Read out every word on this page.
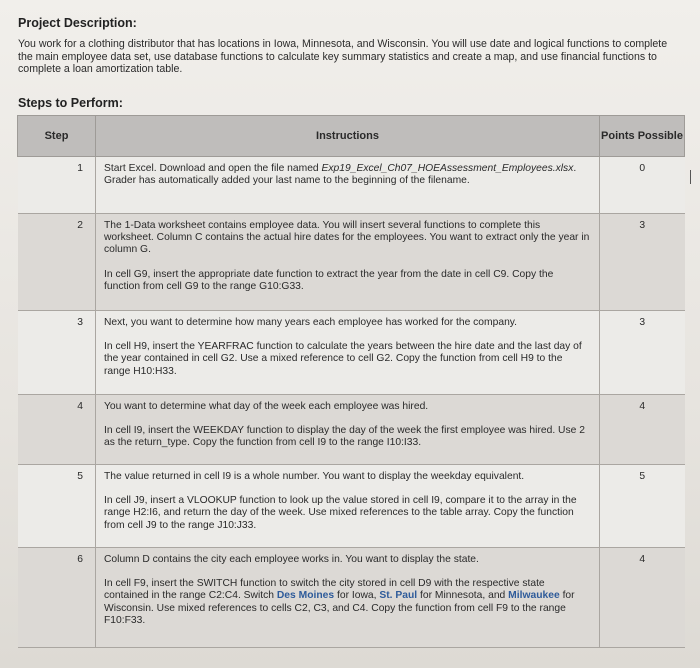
Project Description:
You work for a clothing distributor that has locations in Iowa, Minnesota, and Wisconsin. You will use date and logical functions to complete the main employee data set, use database functions to calculate key summary statistics and create a map, and use financial functions to complete a loan amortization table.
Steps to Perform:
Step	Instructions	Points Possible
1	Start Excel. Download and open the file named Exp19_Excel_Ch07_HOEAssessment_Employees.xlsx. Grader has automatically added your last name to the beginning of the filename.	0
2	The 1-Data worksheet contains employee data. You will insert several functions to complete this worksheet. Column C contains the actual hire dates for the employees. You want to extract only the year in column G.

In cell G9, insert the appropriate date function to extract the year from the date in cell C9. Copy the function from cell G9 to the range G10:G33.	3
3	Next, you want to determine how many years each employee has worked for the company.

In cell H9, insert the YEARFRAC function to calculate the years between the hire date and the last day of the year contained in cell G2. Use a mixed reference to cell G2. Copy the function from cell H9 to the range H10:H33.	3
4	You want to determine what day of the week each employee was hired.

In cell I9, insert the WEEKDAY function to display the day of the week the first employee was hired. Use 2 as the return_type. Copy the function from cell I9 to the range I10:I33.	4
5	The value returned in cell I9 is a whole number. You want to display the weekday equivalent.

In cell J9, insert a VLOOKUP function to look up the value stored in cell I9, compare it to the array in the range H2:I6, and return the day of the week. Use mixed references to the table array. Copy the function from cell J9 to the range J10:J33.	5
6	Column D contains the city each employee works in. You want to display the state.

In cell F9, insert the SWITCH function to switch the city stored in cell D9 with the respective state contained in the range C2:C4. Switch Des Moines for Iowa, St. Paul for Minnesota, and Milwaukee for Wisconsin. Use mixed references to cells C2, C3, and C4. Copy the function from cell F9 to the range F10:F33.	4
